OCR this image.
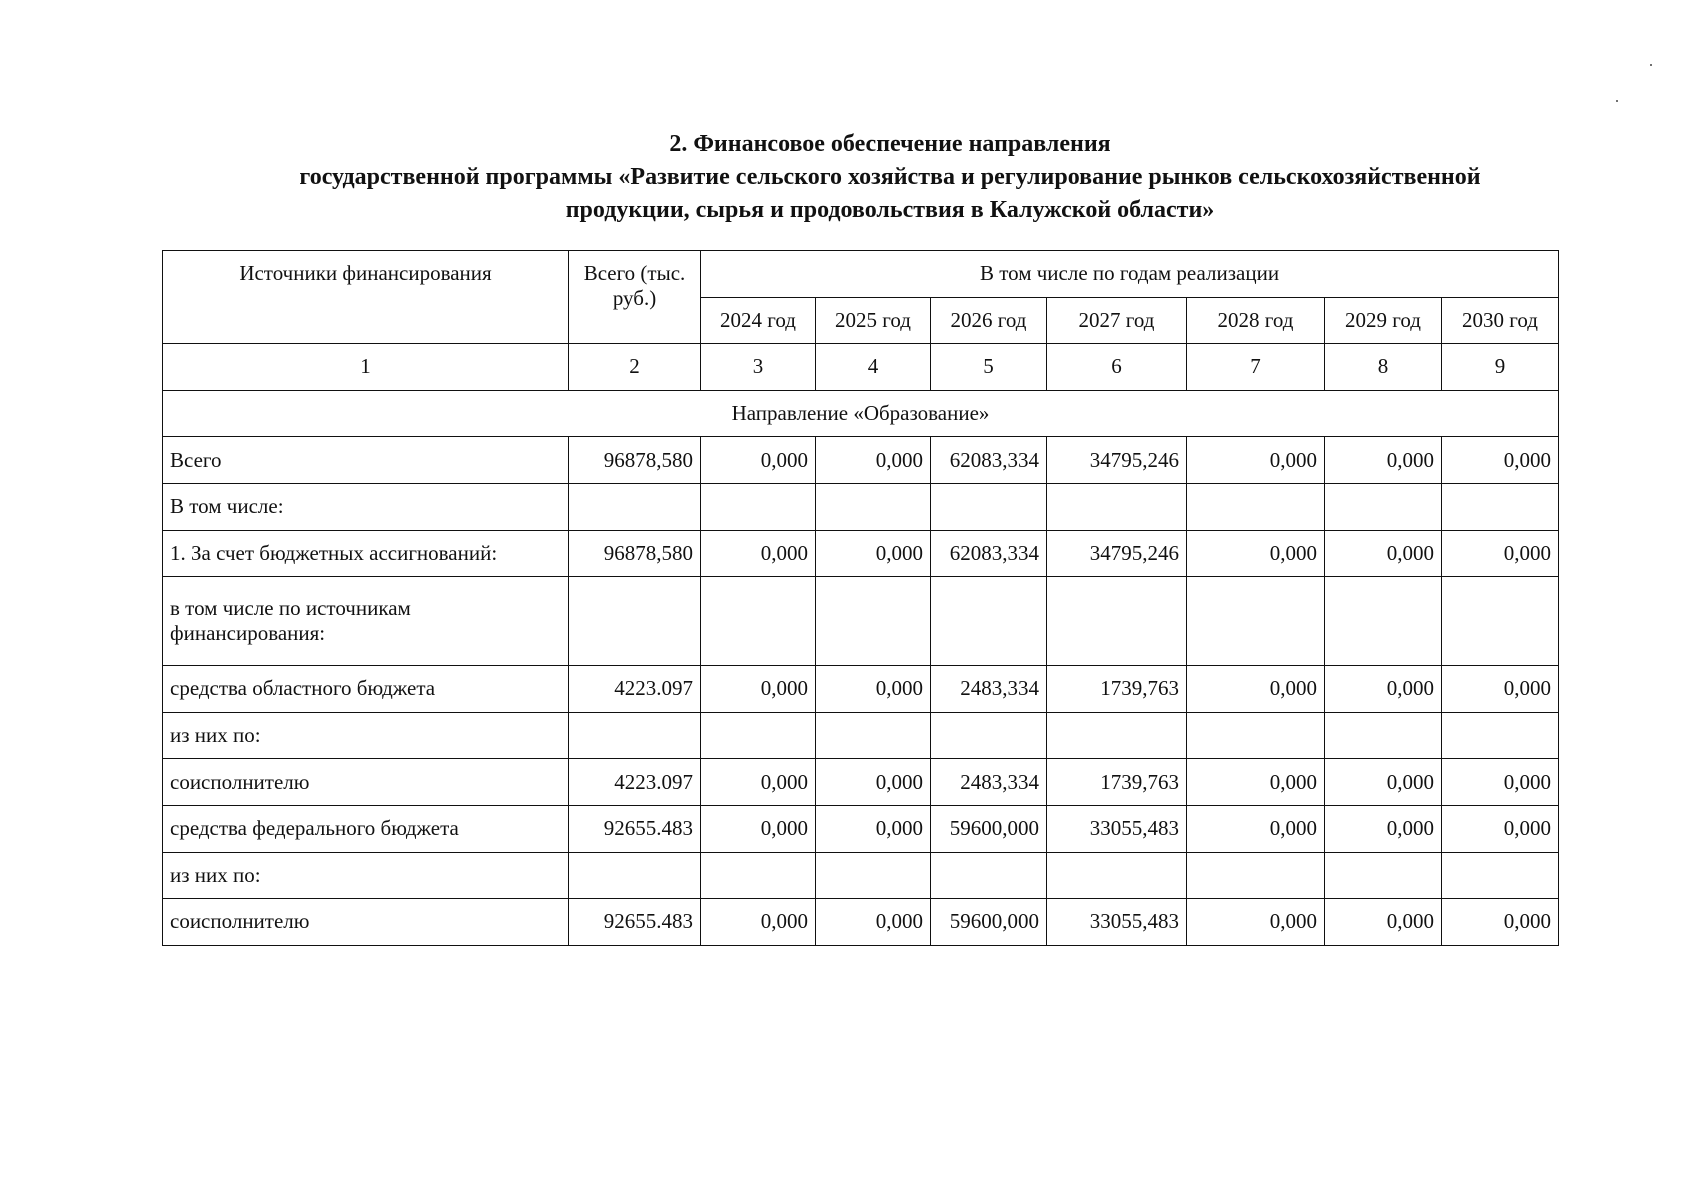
2. Финансовое обеспечение направления
государственной программы «Развитие сельского хозяйства и регулирование рынков сельскохозяйственной
продукции, сырья и продовольствия в Калужской области»
Источники финансирования	Всего (тыс. руб.)	В том числе по годам реализации						
		2024 год	2025 год	2026 год	2027 год	2028 год	2029 год	2030 год
1	2	3	4	5	6	7	8	9
Направление «Образование»								
Всего	96878,580	0,000	0,000	62083,334	34795,246	0,000	0,000	0,000
В том числе:								
1. За счет бюджетных ассигнований:	96878,580	0,000	0,000	62083,334	34795,246	0,000	0,000	0,000
в том числе по источникам финансирования:								
средства областного бюджета	4223.097	0,000	0,000	2483,334	1739,763	0,000	0,000	0,000
из них по:								
соисполнителю	4223.097	0,000	0,000	2483,334	1739,763	0,000	0,000	0,000
средства федерального бюджета	92655.483	0,000	0,000	59600,000	33055,483	0,000	0,000	0,000
из них по:								
соисполнителю	92655.483	0,000	0,000	59600,000	33055,483	0,000	0,000	0,000
